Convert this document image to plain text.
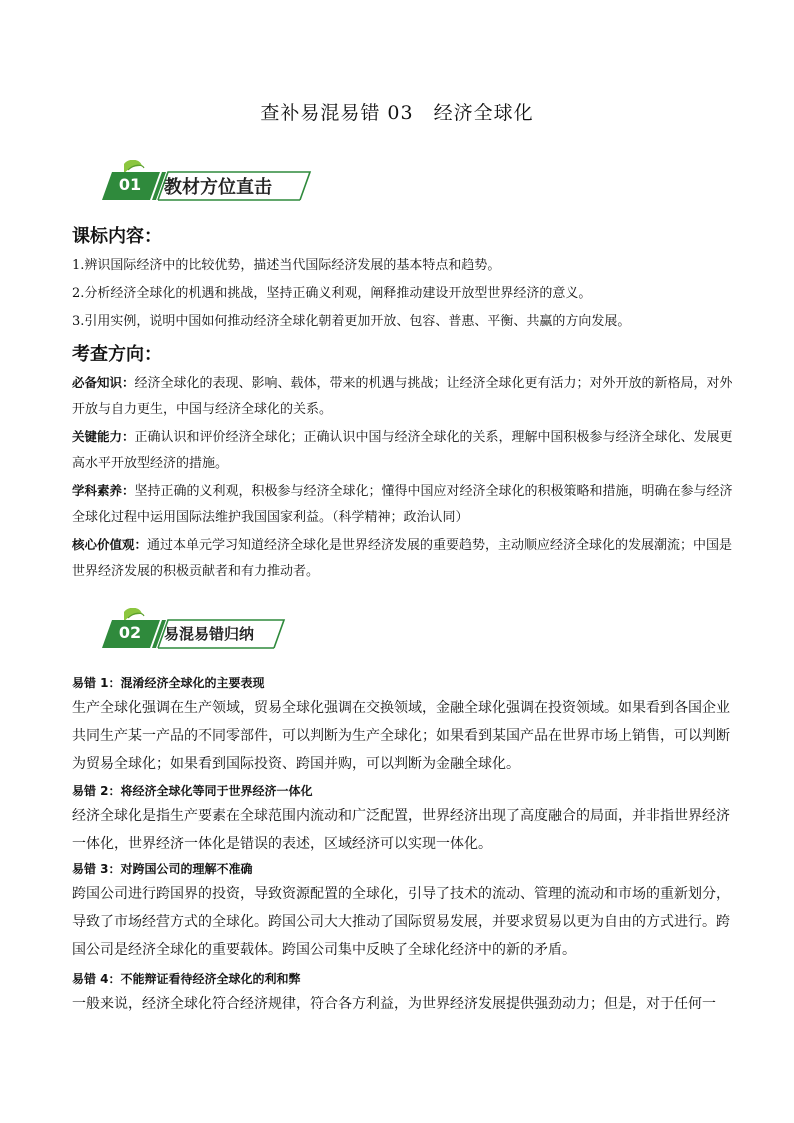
查补易混易错 03　经济全球化
01	教材方位直击
课标内容：
1.辨识国际经济中的比较优势，描述当代国际经济发展的基本特点和趋势。
2.分析经济全球化的机遇和挑战，坚持正确义利观，阐释推动建设开放型世界经济的意义。
3.引用实例，说明中国如何推动经济全球化朝着更加开放、包容、普惠、平衡、共赢的方向发展。
考查方向：
必备知识：经济全球化的表现、影响、载体，带来的机遇与挑战；让经济全球化更有活力；对外开放的新格局，对外开放与自力更生，中国与经济全球化的关系。
关键能力：正确认识和评价经济全球化；正确认识中国与经济全球化的关系，理解中国积极参与经济全球化、发展更高水平开放型经济的措施。
学科素养：坚持正确的义利观，积极参与经济全球化；懂得中国应对经济全球化的积极策略和措施，明确在参与经济全球化过程中运用国际法维护我国国家利益。（科学精神；政治认同）
核心价值观：通过本单元学习知道经济全球化是世界经济发展的重要趋势，主动顺应经济全球化的发展潮流；中国是世界经济发展的积极贡献者和有力推动者。
02	易混易错归纳
易错 1：混淆经济全球化的主要表现
生产全球化强调在生产领域，贸易全球化强调在交换领域，金融全球化强调在投资领域。如果看到各国企业共同生产某一产品的不同零部件，可以判断为生产全球化；如果看到某国产品在世界市场上销售，可以判断为贸易全球化；如果看到国际投资、跨国并购，可以判断为金融全球化。
易错 2：将经济全球化等同于世界经济一体化
经济全球化是指生产要素在全球范围内流动和广泛配置，世界经济出现了高度融合的局面，并非指世界经济一体化，世界经济一体化是错误的表述，区域经济可以实现一体化。
易错 3：对跨国公司的理解不准确
跨国公司进行跨国界的投资，导致资源配置的全球化，引导了技术的流动、管理的流动和市场的重新划分，导致了市场经营方式的全球化。跨国公司大大推动了国际贸易发展，并要求贸易以更为自由的方式进行。跨国公司是经济全球化的重要载体。跨国公司集中反映了全球化经济中的新的矛盾。
易错 4：不能辩证看待经济全球化的利和弊
一般来说，经济全球化符合经济规律，符合各方利益，为世界经济发展提供强劲动力；但是，对于任何一
